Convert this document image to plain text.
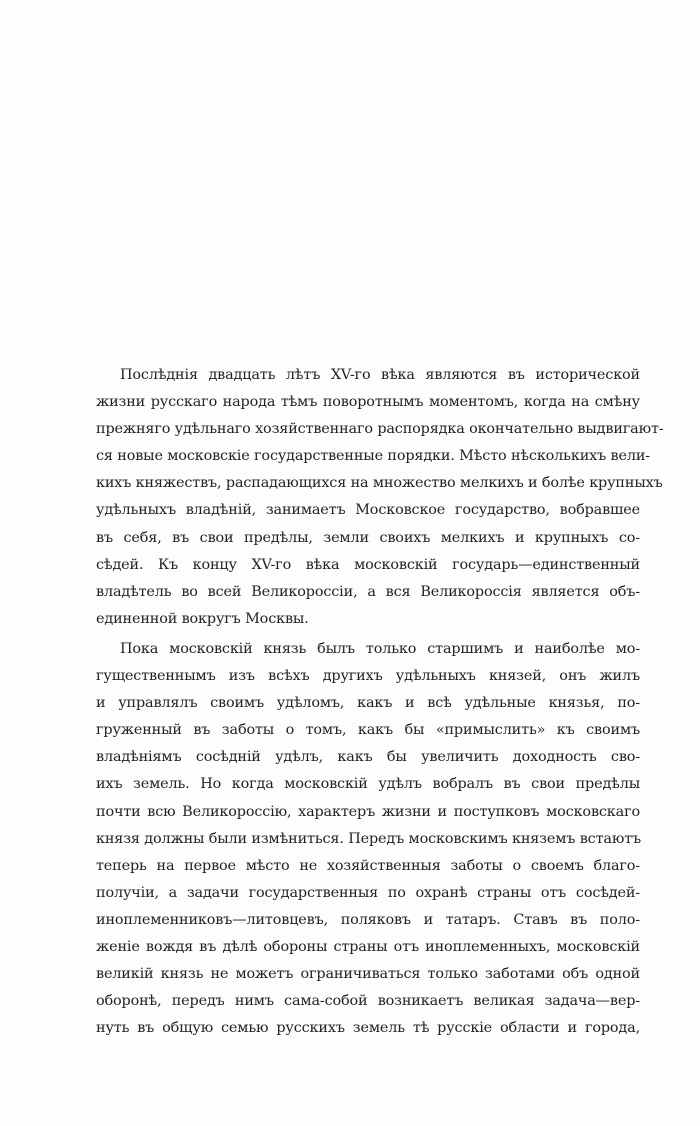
Послѣднія двадцать лѣтъ XV-го вѣка являются въ исторической
жизни русскаго народа тѣмъ поворотнымъ моментомъ, когда на смѣну
прежняго удѣльнаго хозяйственнаго распорядка окончательно выдвигают-
ся новые московскіе государственные порядки. Мѣсто нѣсколькихъ вели-
кихъ княжествъ, распадающихся на множество мелкихъ и болѣе крупныхъ
удѣльныхъ владѣній, занимаетъ Московское государство, вобравшее
въ себя, въ свои предѣлы, земли своихъ мелкихъ и крупныхъ со-
сѣдей. Къ концу XV-го вѣка московскій государь—единственный
владѣтель во всей Великороссіи, а вся Великороссія является объ-
единенной вокругъ Москвы.
Пока московскій князь былъ только старшимъ и наиболѣе мо-
гущественнымъ изъ всѣхъ другихъ удѣльныхъ князей, онъ жилъ
и управлялъ своимъ удѣломъ, какъ и всѣ удѣльные князья, по-
груженный въ заботы о томъ, какъ бы «примыслить» къ своимъ
владѣніямъ сосѣдній удѣлъ, какъ бы увеличить доходность сво-
ихъ земель. Но когда московскій удѣлъ вобралъ въ свои предѣлы
почти всю Великороссію, характеръ жизни и поступковъ московскаго
князя должны были измѣниться. Передъ московскимъ княземъ встаютъ
теперь на первое мѣсто не хозяйственныя заботы о своемъ благо-
получіи, а задачи государственныя по охранѣ страны отъ сосѣдей-
иноплеменниковъ—литовцевъ, поляковъ и татаръ. Ставъ въ поло-
женіе вождя въ дѣлѣ обороны страны отъ иноплеменныхъ, московскій
великій князь не можетъ ограничиваться только заботами объ одной
оборонѣ, передъ нимъ сама-собой возникаетъ великая задача—вер-
нуть въ общую семью русскихъ земель тѣ русскіе области и города,
